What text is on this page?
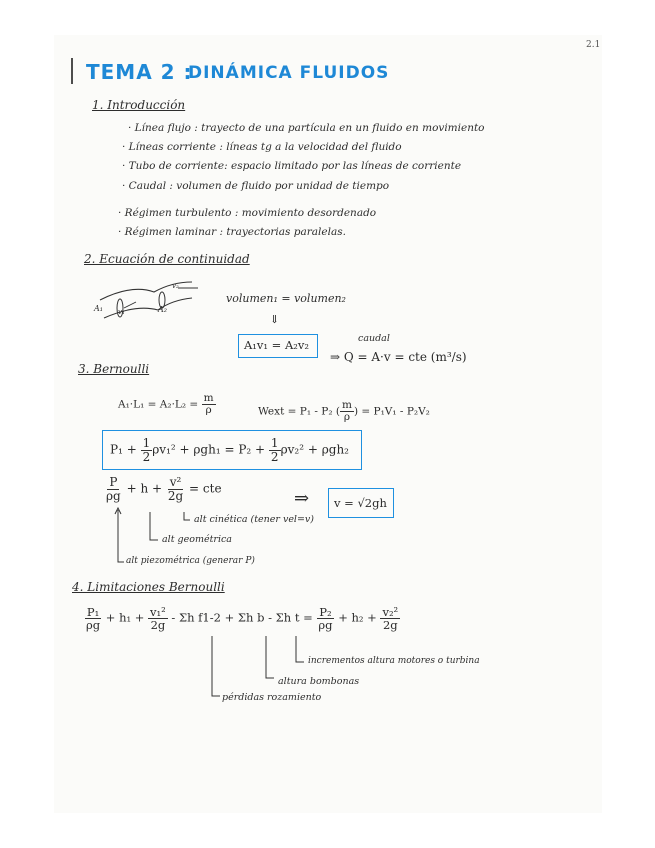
2.1
TEMA 2 :
DINÁMICA FLUIDOS
1. Introducción
· Línea flujo : trayecto de una partícula en un fluido en movimiento
· Líneas corriente : líneas tg a la velocidad del fluido
· Tubo de corriente: espacio limitado por las líneas de corriente
· Caudal : volumen de fluido por unidad de tiempo
· Régimen turbulento : movimiento desordenado
· Régimen laminar : trayectorias paralelas.
2. Ecuación de continuidad
A₁	A₂
v₁
v₂
volumen₁ = volumen₂
⇓
A₁v₁ = A₂v₂	caudal
⇒ Q = A·v = cte (m³/s)
3. Bernoulli
$A_1\cdot L_1 = A_2\cdot L_2 = \frac{m}{\rho}$	Wext = P₁ - P₂ ( $\frac{m}{\rho}$ ) = P₁V₁ - P₂V₂
$P_1 + \frac{1}{2} \rho v_1^2 + \rho gh_1 = P_2 + \frac{1}{2} \rho v_2^2 + \rho gh_2$
$\frac{P}{\rho g} + h + \frac{\text{v²}}{2g}$ = cte	⇒ v = √2gh
alt cinética (tener vel=v)
alt geométrica
alt piezométrica (generar P)
4. Limitaciones Bernoulli
$\frac{\text{P₁}}{\rho g} + h_1 + \frac{\text{v₁²}}{2g} - \Sigma h$ f1-2 + Σh b - Σh $t = \frac{\text{P₂}}{\rho g} + h_2 + \frac{\text{v₂²}}{2g}$
incrementos altura motores o turbina
altura bombonas
pérdidas rozamiento
